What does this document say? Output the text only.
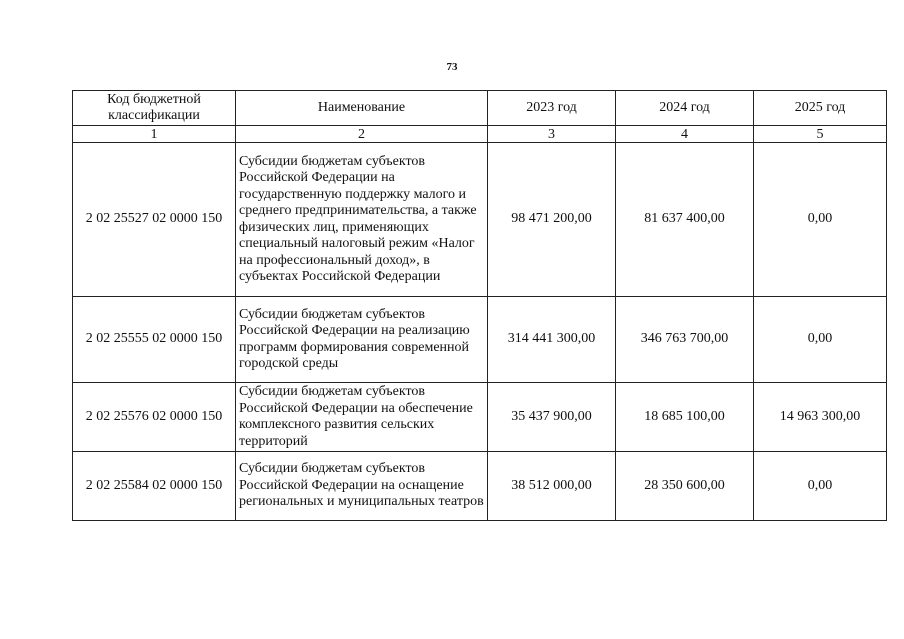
73
Код бюджетной классификации	Наименование	2023 год	2024 год	2025 год
1	2	3	4	5
2 02 25527 02 0000 150	Субсидии бюджетам субъектов Российской Федерации на государственную поддержку малого и среднего предпринимательства, а также физических лиц, применяющих специальный налоговый режим «Налог на профессиональный доход», в субъектах Российской Федерации	98 471 200,00	81 637 400,00	0,00
2 02 25555 02 0000 150	Субсидии бюджетам субъектов Российской Федерации на реализацию программ формирования современной городской среды	314 441 300,00	346 763 700,00	0,00
2 02 25576 02 0000 150	Субсидии бюджетам субъектов Российской Федерации на обеспечение комплексного развития сельских территорий	35 437 900,00	18 685 100,00	14 963 300,00
2 02 25584 02 0000 150	Субсидии бюджетам субъектов Российской Федерации на оснащение региональных и муниципальных театров	38 512 000,00	28 350 600,00	0,00
